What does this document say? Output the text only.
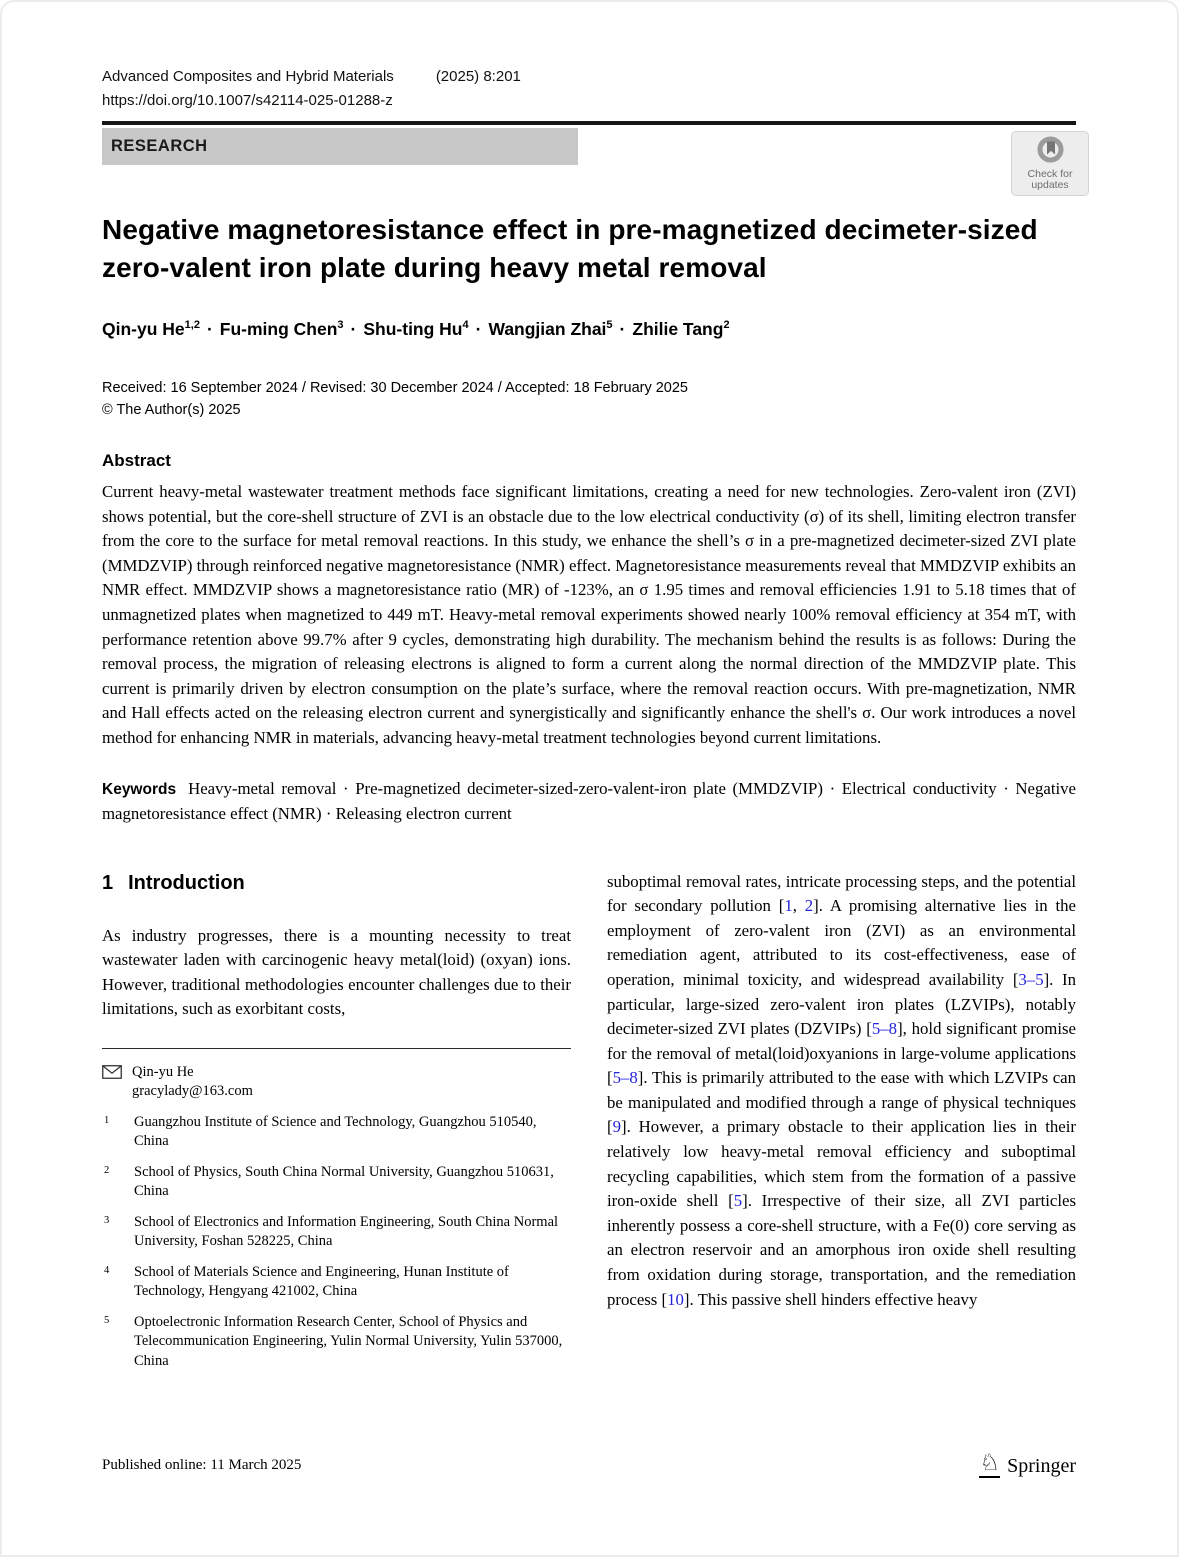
Advanced Composites and Hybrid Materials	(2025) 8:201
https://doi.org/10.1007/s42114-025-01288-z
RESEARCH
Check for
updates
Negative magnetoresistance effect in pre-magnetized decimeter-sized zero-valent iron plate during heavy metal removal
Qin-yu He$^{1,2}$ · Fu-ming Chen$^3$ · Shu-ting $Hu^4$ · Wangjian Zhai$^5$ · Zhilie Tang$^2$
Received: 16 September 2024 / Revised: 30 December 2024 / Accepted: 18 February 2025
© The Author(s) 2025
Abstract
Current heavy-metal wastewater treatment methods face significant limitations, creating a need for new technologies. Zero-valent iron (ZVI) shows potential, but the core-shell structure of ZVI is an obstacle due to the low electrical conductivity (σ) of its shell, limiting electron transfer from the core to the surface for metal removal reactions. In this study, we enhance the shell’s σ in a pre-magnetized decimeter-sized ZVI plate (MMDZVIP) through reinforced negative magnetoresistance (NMR) effect. Magnetoresistance measurements reveal that MMDZVIP exhibits an NMR effect. MMDZVIP shows a magnetoresistance ratio (MR) of -123%, an σ 1.95 times and removal efficiencies 1.91 to 5.18 times that of unmagnetized plates when magnetized to 449 mT. Heavy-metal removal experiments showed nearly 100% removal efficiency at 354 mT, with performance retention above 99.7% after 9 cycles, demonstrating high durability. The mechanism behind the results is as follows: During the removal process, the migration of releasing electrons is aligned to form a current along the normal direction of the MMDZVIP plate. This current is primarily driven by electron consumption on the plate’s surface, where the removal reaction occurs. With pre-magnetization, NMR and Hall effects acted on the releasing electron current and synergistically and significantly enhance the shell's σ. Our work introduces a novel method for enhancing NMR in materials, advancing heavy-metal treatment technologies beyond current limitations.
Keywords Heavy-metal removal · Pre-magnetized decimeter-sized-zero-valent-iron plate (MMDZVIP) · Electrical conductivity · Negative magnetoresistance effect (NMR) · Releasing electron current
1 Introduction

As industry progresses, there is a mounting necessity to treat wastewater laden with carcinogenic heavy metal(loid) (oxyan) ions. However, traditional methodologies encounter challenges due to their limitations, such as exorbitant costs,

Qin-yu He
gracylady@163.com
1	Guangzhou Institute of Science and Technology, Guangzhou 510540, China
2	School of Physics, South China Normal University, Guangzhou 510631, China
3	School of Electronics and Information Engineering, South China Normal University, Foshan 528225, China
4	School of Materials Science and Engineering, Hunan Institute of Technology, Hengyang 421002, China
5	Optoelectronic Information Research Center, School of Physics and Telecommunication Engineering, Yulin Normal University, Yulin 537000, China

suboptimal removal rates, intricate processing steps, and the potential for secondary pollution [1, 2]. A promising alternative lies in the employment of zero-valent iron (ZVI) as an environmental remediation agent, attributed to its cost-effectiveness, ease of operation, minimal toxicity, and widespread availability [3–5]. In particular, large-sized zero-valent iron plates (LZVIPs), notably decimeter-sized ZVI plates (DZVIPs) [5–8], hold significant promise for the removal of metal(loid)oxyanions in large-volume applications [5–8]. This is primarily attributed to the ease with which LZVIPs can be manipulated and modified through a range of physical techniques [9]. However, a primary obstacle to their application lies in their relatively low heavy-metal removal efficiency and suboptimal recycling capabilities, which stem from the formation of a passive iron-oxide shell [5]. Irrespective of their size, all ZVI particles inherently possess a core-shell structure, with a Fe(0) core serving as an electron reservoir and an amorphous iron oxide shell resulting from oxidation during storage, transportation, and the remediation process [10]. This passive shell hinders effective heavy

Published online: 11 March 2025	♘ Springer
